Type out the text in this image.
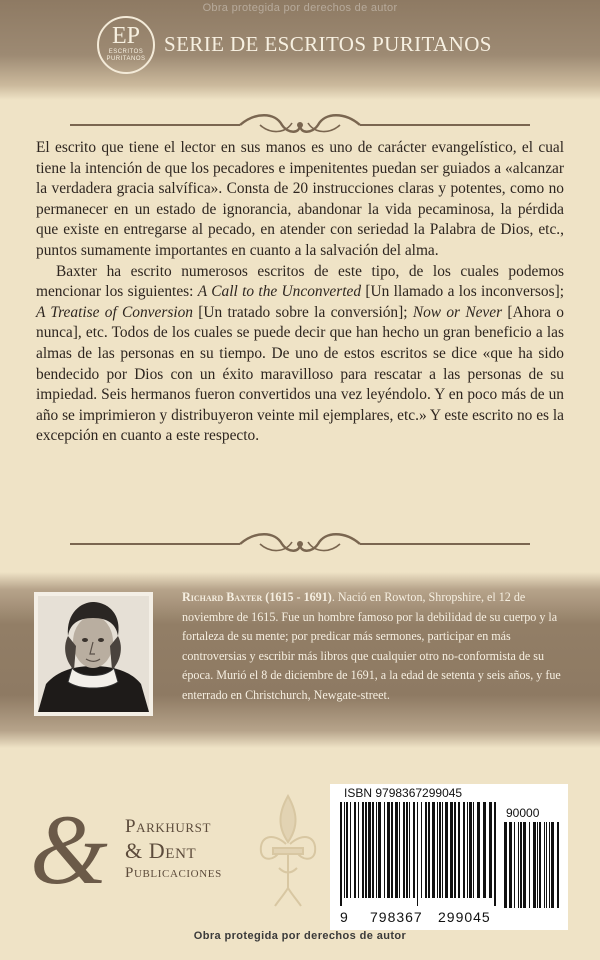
Obra protegida por derechos de autor
EP
ESCRITOS
PURITANOS
SERIE DE ESCRITOS PURITANOS

El escrito que tiene el lector en sus manos es uno de carácter evangelístico, el cual tiene la intención de que los pecadores e impenitentes puedan ser guiados a «alcanzar la verdadera gracia salvífica». Consta de 20 instrucciones claras y potentes, como no permanecer en un estado de ignorancia, abandonar la vida pecaminosa, la pérdida que existe en entregarse al pecado, en atender con seriedad la Palabra de Dios, etc., puntos sumamente importantes en cuanto a la salvación del alma.

Baxter ha escrito numerosos escritos de este tipo, de los cuales podemos mencionar los siguientes: A Call to the Unconverted [Un llamado a los inconversos]; A Treatise of Conversion [Un tratado sobre la conversión]; Now or Never [Ahora o nunca], etc. Todos de los cuales se puede decir que han hecho un gran beneficio a las almas de las personas en su tiempo. De uno de estos escritos se dice «que ha sido bendecido por Dios con un éxito maravilloso para rescatar a las personas de su impiedad. Seis hermanos fueron convertidos una vez leyéndolo. Y en poco más de un año se imprimieron y distribuyeron veinte mil ejemplares, etc.» Y este escrito no es la excepción en cuanto a este respecto.

Richard Baxter (1615 - 1691). Nació en Rowton, Shropshire, el 12 de noviembre de 1615. Fue un hombre famoso por la debilidad de su cuerpo y la fortaleza de su mente; por predicar más sermones, participar en más controversias y escribir más libros que cualquier otro no-conformista de su época. Murió el 8 de diciembre de 1691, a la edad de setenta y seis años, y fue enterrado en Christchurch, Newgate-street.
& Parkhurst
& Dent
Publicaciones
ISBN 9798367299045
90000
9 798367 299045
Obra protegida por derechos de autor
